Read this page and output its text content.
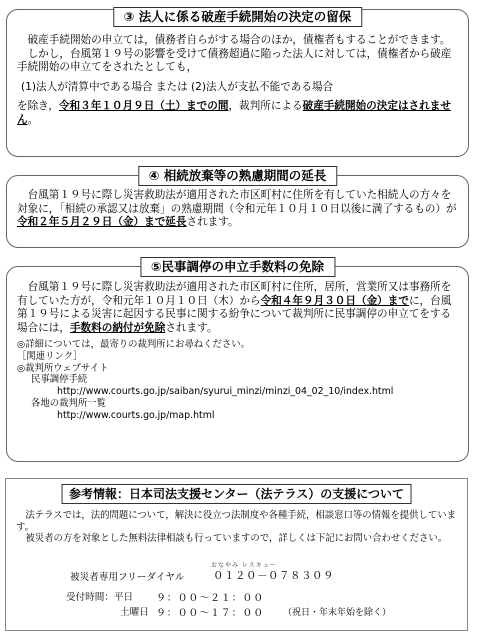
③ 法人に係る破産手続開始の決定の留保

破産手続開始の申立ては，債務者自らがする場合のほか，債権者もすることができます。

しかし，台風第１９号の影響を受けて債務超過に陥った法人に対しては，債権者から破産手続開始の申立てをされたとしても，

(1)法人が清算中である場合 または (2)法人が支払不能である場合

を除き，令和３年１０月９日（土）までの間，裁判所による破産手続開始の決定はされません。

④ 相続放棄等の熟慮期間の延長

台風第１９号に際し災害救助法が適用された市区町村に住所を有していた相続人の方々を対象に，「相続の承認又は放棄」の熟慮期間（令和元年１０月１０日以後に満了するもの）が令和２年５月２９日（金）まで延長されます。

⑤民事調停の申立手数料の免除

台風第１９号に際し災害救助法が適用された市区町村に住所，居所，営業所又は事務所を有していた方が，令和元年１０月１０日（木）から令和４年９月３０日（金）までに，台風第１９号による災害に起因する民事に関する紛争について裁判所に民事調停の申立てをする場合には，手数料の納付が免除されます。

◎詳細については，最寄りの裁判所にお尋ねください。
［関連リンク］
◎裁判所ウェブサイト
民事調停手続
http://www.courts.go.jp/saiban/syurui_minzi/minzi_04_02_10/index.html
各地の裁判所一覧
http://www.courts.go.jp/map.html
参考情報：日本司法支援センター（法テラス）の支援について

法テラスでは，法的問題について，解決に役立つ法制度や各種手続，相談窓口等の情報を提供しています。

被災者の方を対象とした無料法律相談も行っていますので，詳しくは下記にお問い合わせください。

おなやみ レスキュー
被災者専用フリーダイヤル	０１２０－０７８３０９
受付時間：平日 ９：００～２１：００
土曜日 ９：００～１７：００ （祝日・年末年始を除く）
